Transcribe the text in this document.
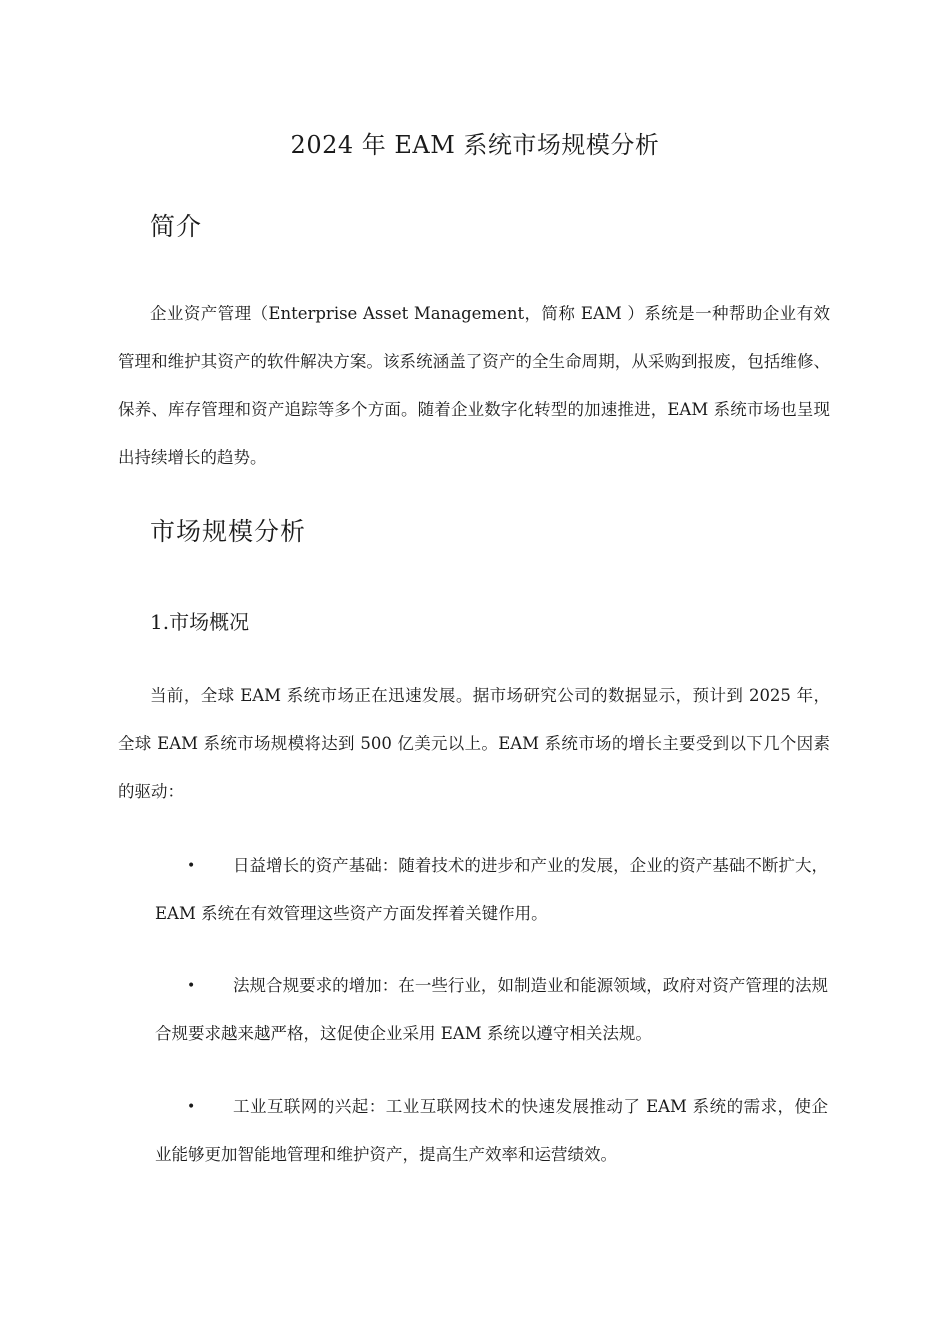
2024 年 EAM 系统市场规模分析
简介

企业资产管理（Enterprise Asset Management，简称 EAM ）系统是一种帮助企业有效管理和维护其资产的软件解决方案。该系统涵盖了资产的全生命周期，从采购到报废，包括维修、保养、库存管理和资产追踪等多个方面。随着企业数字化转型的加速推进，EAM 系统市场也呈现出持续增长的趋势。

市场规模分析
1.市场概况

当前，全球 EAM 系统市场正在迅速发展。据市场研究公司的数据显示，预计到 2025 年，全球 EAM 系统市场规模将达到 500 亿美元以上。EAM 系统市场的增长主要受到以下几个因素的驱动：

•	日益增长的资产基础：随着技术的进步和产业的发展，企业的资产基础不断扩大，EAM 系统在有效管理这些资产方面发挥着关键作用。
•	法规合规要求的增加：在一些行业，如制造业和能源领域，政府对资产管理的法规合规要求越来越严格，这促使企业采用 EAM 系统以遵守相关法规。
•	工业互联网的兴起：工业互联网技术的快速发展推动了 EAM 系统的需求，使企业能够更加智能地管理和维护资产，提高生产效率和运营绩效。
